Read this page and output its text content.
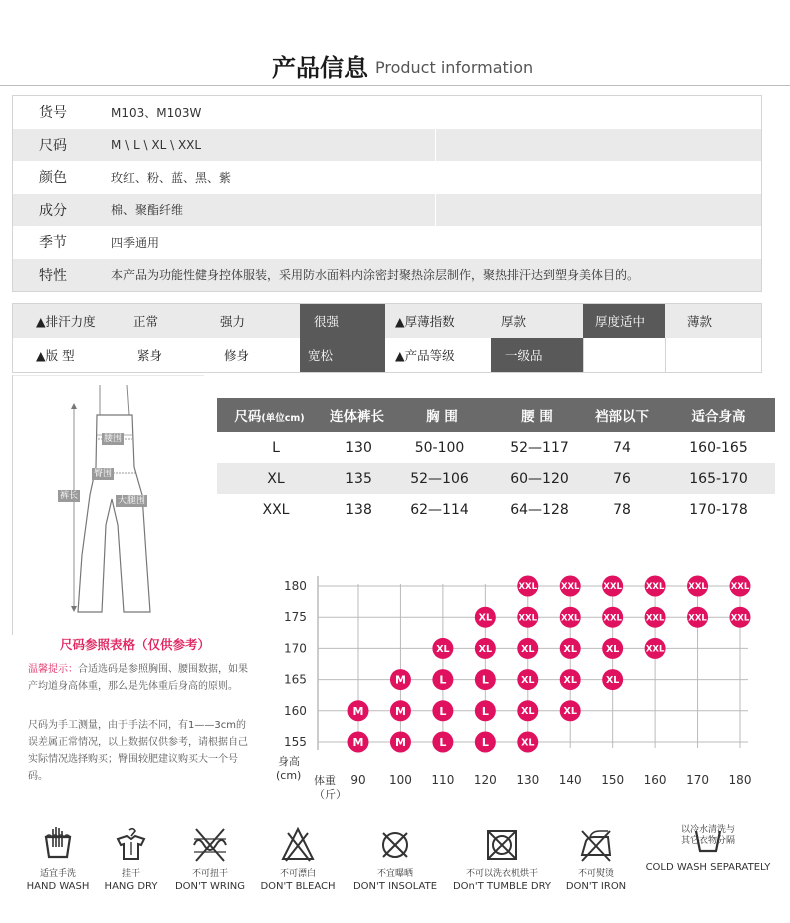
产品信息 Product information
货号	M103、M103W
尺码	M \ L \ XL \ XXL
颜色	玫红、粉、蓝、黑、紫
成分	棉、聚酯纤维
季节	四季通用
特性	本产品为功能性健身控体服装，采用防水面料内涂密封聚热涂层制作，聚热排汗达到塑身美体目的。
▲排汗力度	正常	强力	很强	▲厚薄指数	厚款	厚度适中	薄款
▲版 型	紧身	修身	宽松	▲产品等级	一级品
腰围
臀围
裤长	大腿围
尺码参照表格（仅供参考）
温馨提示：合适选码是参照胸围、腰围数据，如果产均道身高体重，那么是先体重后身高的原则。
尺码为手工测量，由于手法不同，有1——3cm的误差属正常情况，以上数据仅供参考，请根据自己实际情况选择购买；臀围较肥建议购买大一个号码。
尺码(单位cm)	连体裤长	胸 围	腰 围	裆部以下	适合身高
L	130	50-100	52—117	74	160-165
XL	135	52—106	60—120	76	165-170
XXL	138	62—114	64—128	78	170-178
155
160
165
170
175
180
90 100 110 120 130 140 150 160 170 180
M
M
M
M
M
L
L
L
L
L
L
XL
XL
XL	XL
XL
XL
XL
XL
XL
XL
XL
XL
XXL
XXL
XXL
XXL
XXL
XXL
XXL
XXL
XXL
XXL
XXL
XXL
XXL
身高
(cm) 体重
（斤）
适宜手洗
HAND WASH
挂干
HANG DRY
不可扭干
DON'T WRING
不可漂白
DON'T BLEACH
不宜曝晒
DON'T INSOLATE
不可以洗衣机烘干
DOn'T TUMBLE DRY
不可熨烫
DON'T IRON
以冷水清洗与
其它衣物分隔
COLD WASH SEPARATELY
